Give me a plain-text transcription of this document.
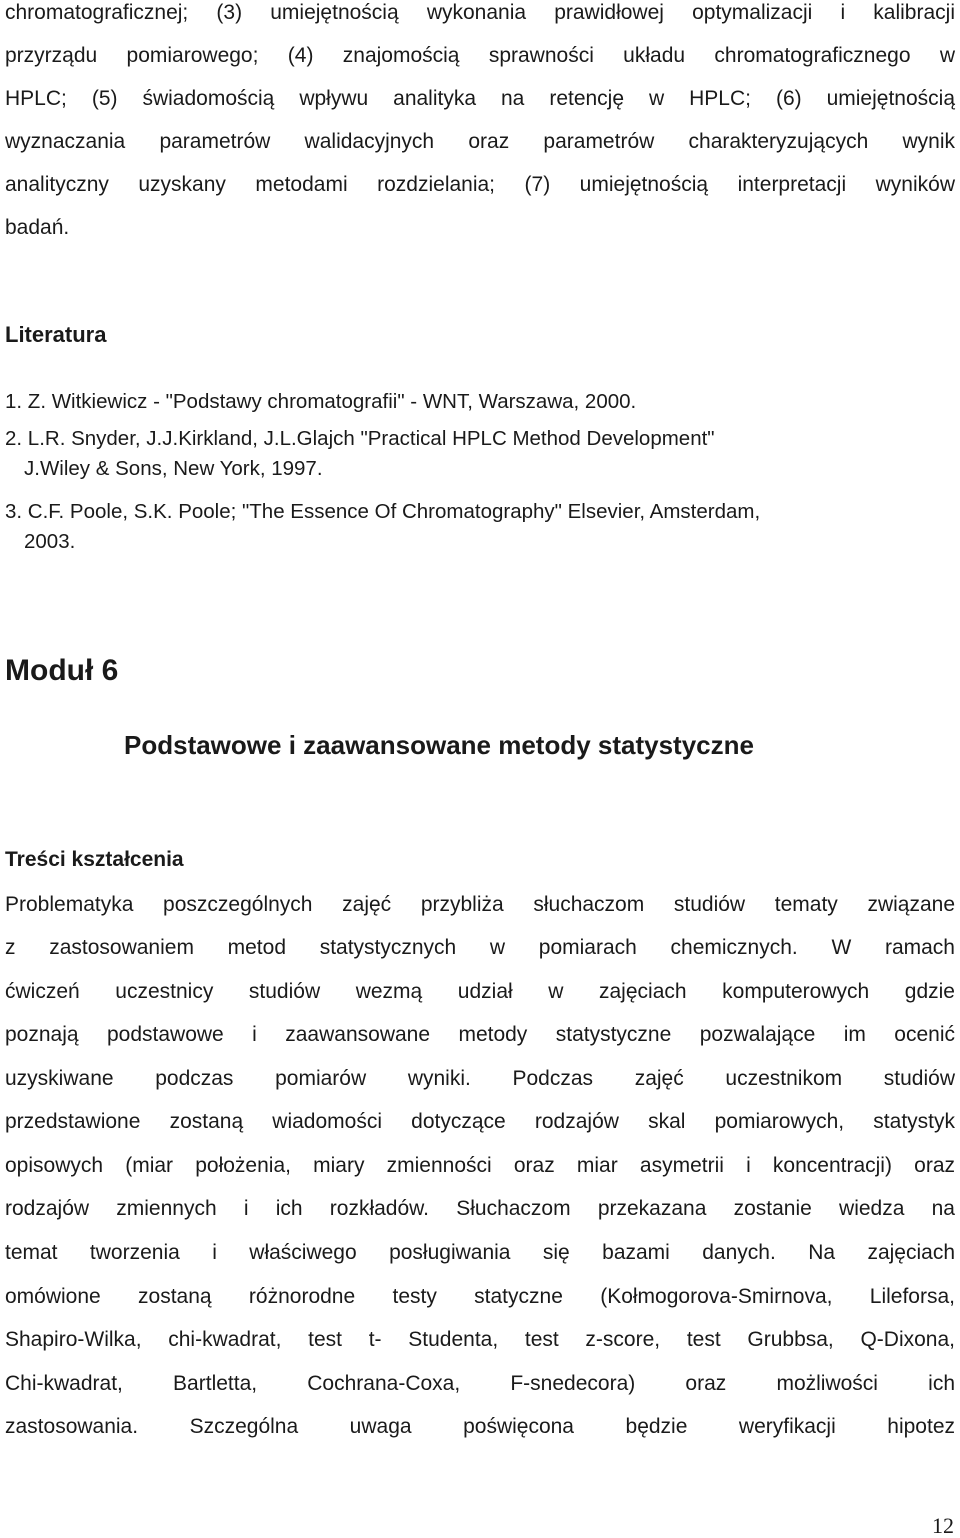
chromatograficznej; (3) umiejętnością wykonania prawidłowej optymalizacji i kalibracji
przyrządu pomiarowego; (4) znajomością sprawności układu chromatograficznego w
HPLC; (5) świadomością wpływu analityka na retencję w HPLC; (6) umiejętnością
wyznaczania parametrów walidacyjnych oraz parametrów charakteryzujących wynik
analityczny uzyskany metodami rozdzielania; (7) umiejętnością interpretacji wyników
badań.
Literatura
1. Z. Witkiewicz - "Podstawy chromatografii" - WNT, Warszawa, 2000.
2. L.R. Snyder, J.J.Kirkland, J.L.Glajch "Practical HPLC Method Development"
J.Wiley & Sons, New York, 1997.
3. C.F. Poole, S.K. Poole; "The Essence Of Chromatography" Elsevier, Amsterdam,
2003.
Moduł 6
Podstawowe i zaawansowane metody statystyczne
Treści kształcenia
Problematyka poszczególnych zajęć przybliża słuchaczom studiów tematy związane
z zastosowaniem metod statystycznych w pomiarach chemicznych. W ramach
ćwiczeń uczestnicy studiów wezmą udział w zajęciach komputerowych gdzie
poznają podstawowe i zaawansowane metody statystyczne pozwalające im ocenić
uzyskiwane podczas pomiarów wyniki. Podczas zajęć uczestnikom studiów
przedstawione zostaną wiadomości dotyczące rodzajów skal pomiarowych, statystyk
opisowych (miar położenia, miary zmienności oraz miar asymetrii i koncentracji) oraz
rodzajów zmiennych i ich rozkładów. Słuchaczom przekazana zostanie wiedza na
temat tworzenia i właściwego posługiwania się bazami danych. Na zajęciach
omówione zostaną różnorodne testy statyczne (Kołmogorova-Smirnova, Lileforsa,
Shapiro-Wilka, chi-kwadrat, test t- Studenta, test z-score, test Grubbsa, Q-Dixona,
Chi-kwadrat, Bartletta, Cochrana-Coxa, F-snedecora) oraz możliwości ich
zastosowania. Szczególna uwaga poświęcona będzie weryfikacji hipotez
12
